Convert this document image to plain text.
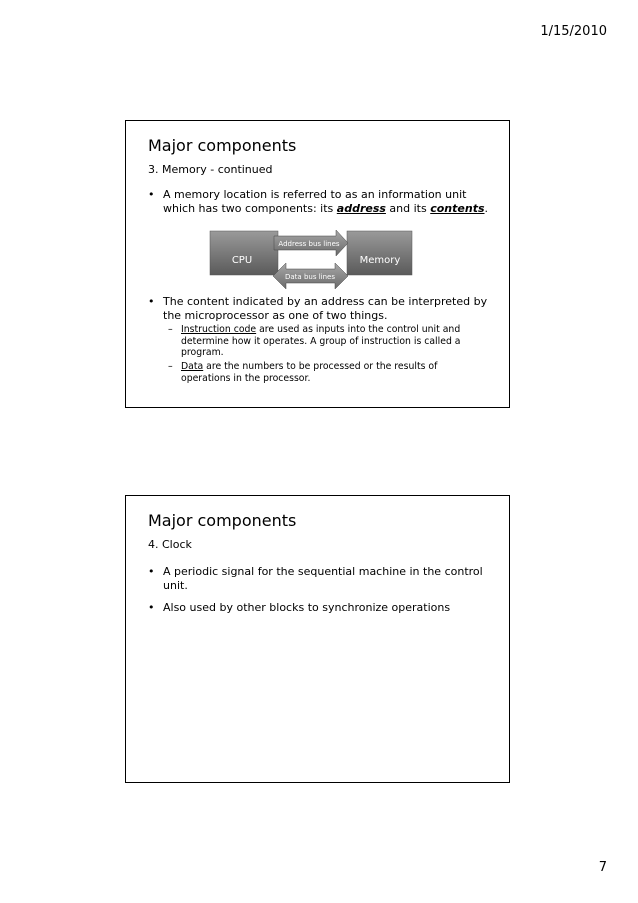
1/15/2010
Major components
3. Memory - continued
• A memory location is referred to as an information unit which has two components: its address and its contents.
CPU	Memory
Address bus lines
Data bus lines
• The content indicated by an address can be interpreted by the microprocessor as one of two things.
– Instruction code are used as inputs into the control unit and determine how it operates. A group of instruction is called a program.
– Data are the numbers to be processed or the results of operations in the processor.
Major components
4. Clock
• A periodic signal for the sequential machine in the control unit.
• Also used by other blocks to synchronize operations
7
